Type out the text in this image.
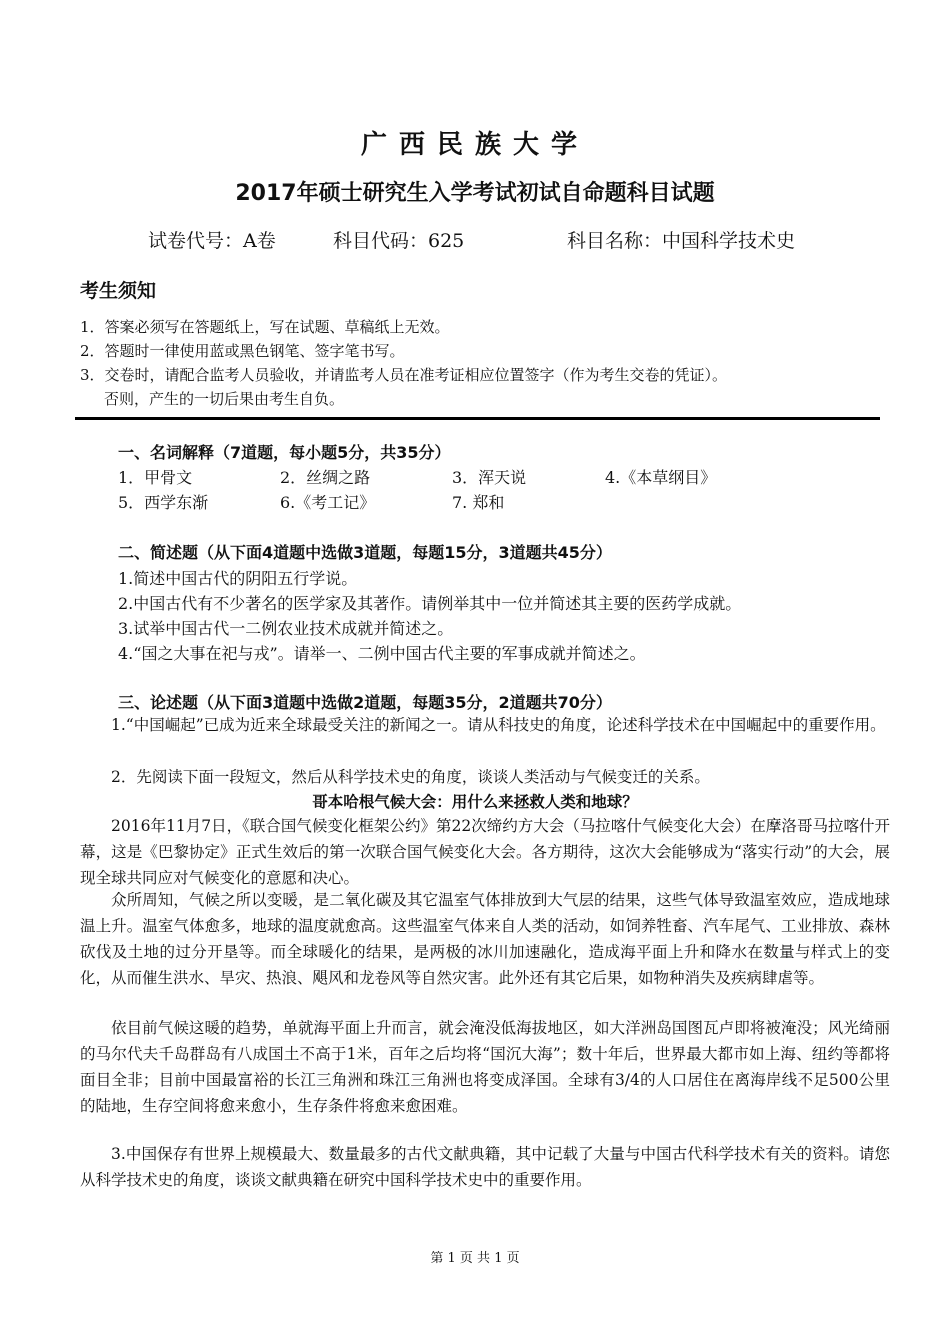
广西民族大学
2017年硕士研究生入学考试初试自命题科目试题
试卷代号：A卷	科目代码：625	科目名称：中国科学技术史
考生须知
1．答案必须写在答题纸上，写在试题、草稿纸上无效。
2．答题时一律使用蓝或黑色钢笔、签字笔书写。
3．交卷时，请配合监考人员验收，并请监考人员在准考证相应位置签字（作为考生交卷的凭证）。
否则，产生的一切后果由考生自负。
一、名词解释（7道题，每小题5分，共35分）
1．甲骨文	2．丝绸之路	3．浑天说	4.《本草纲目》
5．西学东渐	6.《考工记》	7. 郑和
二、简述题（从下面4道题中选做3道题，每题15分，3道题共45分）
1.简述中国古代的阴阳五行学说。
2.中国古代有不少著名的医学家及其著作。请例举其中一位并简述其主要的医药学成就。
3.试举中国古代一二例农业技术成就并简述之。
4.“国之大事在祀与戎”。请举一、二例中国古代主要的军事成就并简述之。
三、论述题（从下面3道题中选做2道题，每题35分，2道题共70分）
1.“中国崛起”已成为近来全球最受关注的新闻之一。请从科技史的角度，论述科学技术在中国崛起中的重要作用。
2．先阅读下面一段短文，然后从科学技术史的角度，谈谈人类活动与气候变迁的关系。
哥本哈根气候大会：用什么来拯救人类和地球？
2016年11月7日，《联合国气候变化框架公约》第22次缔约方大会（马拉喀什气候变化大会）在摩洛哥马拉喀什开幕，这是《巴黎协定》正式生效后的第一次联合国气候变化大会。各方期待，这次大会能够成为“落实行动”的大会，展现全球共同应对气候变化的意愿和决心。
众所周知，气候之所以变暖，是二氧化碳及其它温室气体排放到大气层的结果，这些气体导致温室效应，造成地球温上升。温室气体愈多，地球的温度就愈高。这些温室气体来自人类的活动，如饲养牲畜、汽车尾气、工业排放、森林砍伐及土地的过分开垦等。而全球暖化的结果，是两极的冰川加速融化，造成海平面上升和降水在数量与样式上的变化，从而催生洪水、旱灾、热浪、飓风和龙卷风等自然灾害。此外还有其它后果，如物种消失及疾病肆虐等。
依目前气候这暖的趋势，单就海平面上升而言，就会淹没低海拔地区，如大洋洲岛国图瓦卢即将被淹没；风光绮丽的马尔代夫千岛群岛有八成国土不高于1米，百年之后均将“国沉大海”；数十年后，世界最大都市如上海、纽约等都将面目全非；目前中国最富裕的长江三角洲和珠江三角洲也将变成泽国。全球有3/4的人口居住在离海岸线不足500公里的陆地，生存空间将愈来愈小，生存条件将愈来愈困难。
3.中国保存有世界上规模最大、数量最多的古代文献典籍，其中记载了大量与中国古代科学技术有关的资料。请您从科学技术史的角度，谈谈文献典籍在研究中国科学技术史中的重要作用。
第 1 页 共 1 页
